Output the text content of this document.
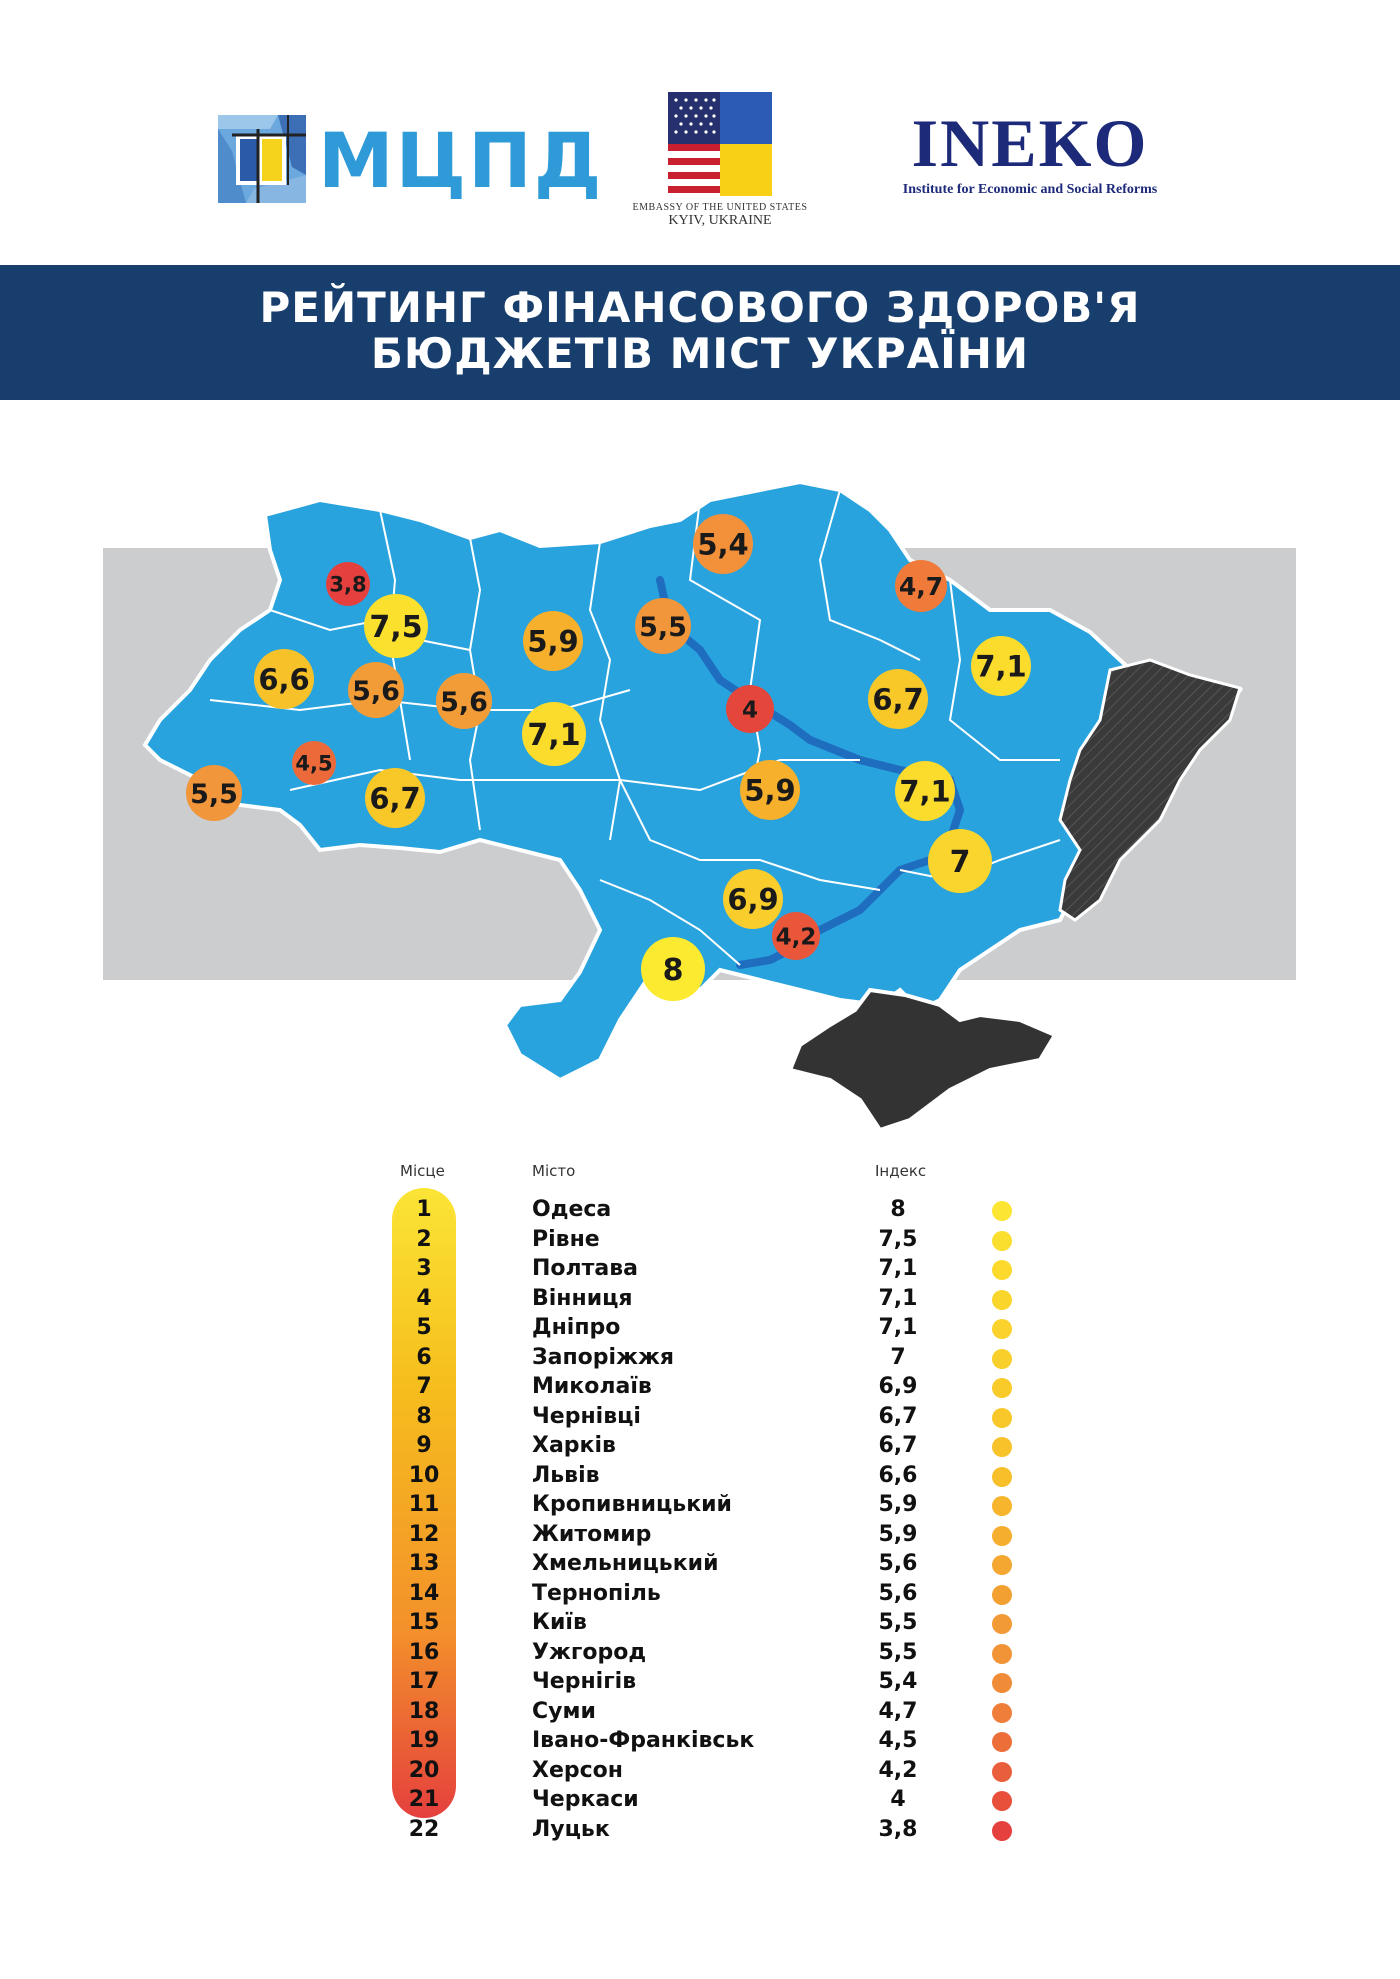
МЦПД
EMBASSY OF THE UNITED STATES
KYIV, UKRAINE
INEKO
Institute for Economic and Social Reforms
РЕЙТИНГ ФІНАНСОВОГО ЗДОРОВ'Я
БЮДЖЕТІВ МІСТ УКРАЇНИ
5,4
4,7
3,8
7,5	5,9 5,5
6,6 5,6 5,6	4
7,1
6,7
7,1
4,5
5,5	6,7	5,9	7,1
7
6,9
4,2
8
Місце	Місто	Індекс
1	Одеса	8
2	Рівне	7,5
3	Полтава	7,1
4	Вінниця	7,1
5	Дніпро	7,1
6	Запоріжжя	7
7	Миколаїв	6,9
8	Чернівці	6,7
9	Харків	6,7
10	Львів	6,6
11	Кропивницький	5,9
12	Житомир	5,9
13	Хмельницький	5,6
14	Тернопіль	5,6
15	Київ	5,5
16	Ужгород	5,5
17	Чернігів	5,4
18	Суми	4,7
19	Івано-Франківськ	4,5
20	Херсон	4,2
21	Черкаси	4
22	Луцьк	3,8
